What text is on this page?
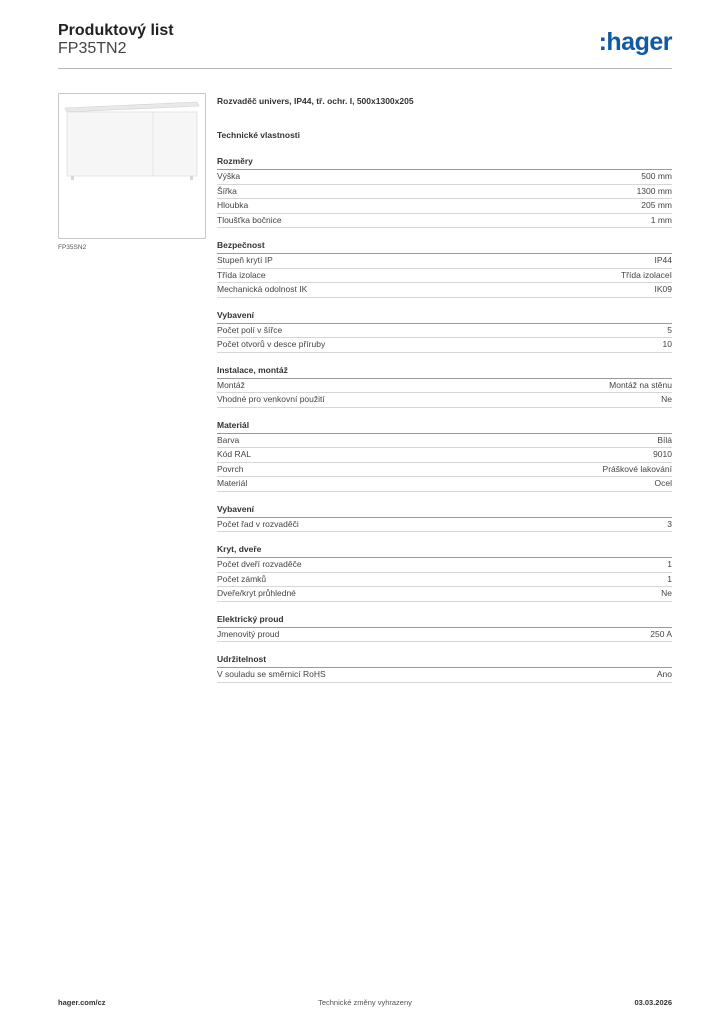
Produktový list
FP35TN2	:hager
FP35SN2
Rozvaděč univers, IP44, tř. ochr. I, 500x1300x205
Technické vlastnosti
Rozměry
Výška	500 mm
Šířka	1300 mm
Hloubka	205 mm
Tloušťka bočnice	1 mm
Bezpečnost
Stupeň krytí IP	IP44
Třída izolace	Třída izolaceI
Mechanická odolnost IK	IK09
Vybavení
Počet polí v šířce	5
Počet otvorů v desce příruby	10
Instalace, montáž
Montáž	Montáž na stěnu
Vhodné pro venkovní použití	Ne
Materiál
Barva	Bílá
Kód RAL	9010
Povrch	Práškové lakování
Materiál	Ocel
Vybavení
Počet řad v rozvaděči	3
Kryt, dveře
Počet dveří rozvaděče	1
Počet zámků	1
Dveře/kryt průhledné	Ne
Elektrický proud
Jmenovitý proud	250 A
Udržitelnost
V souladu se směrnicí RoHS	Ano
Technické změny vyhrazeny
hager.com/cz	03.03.2026
